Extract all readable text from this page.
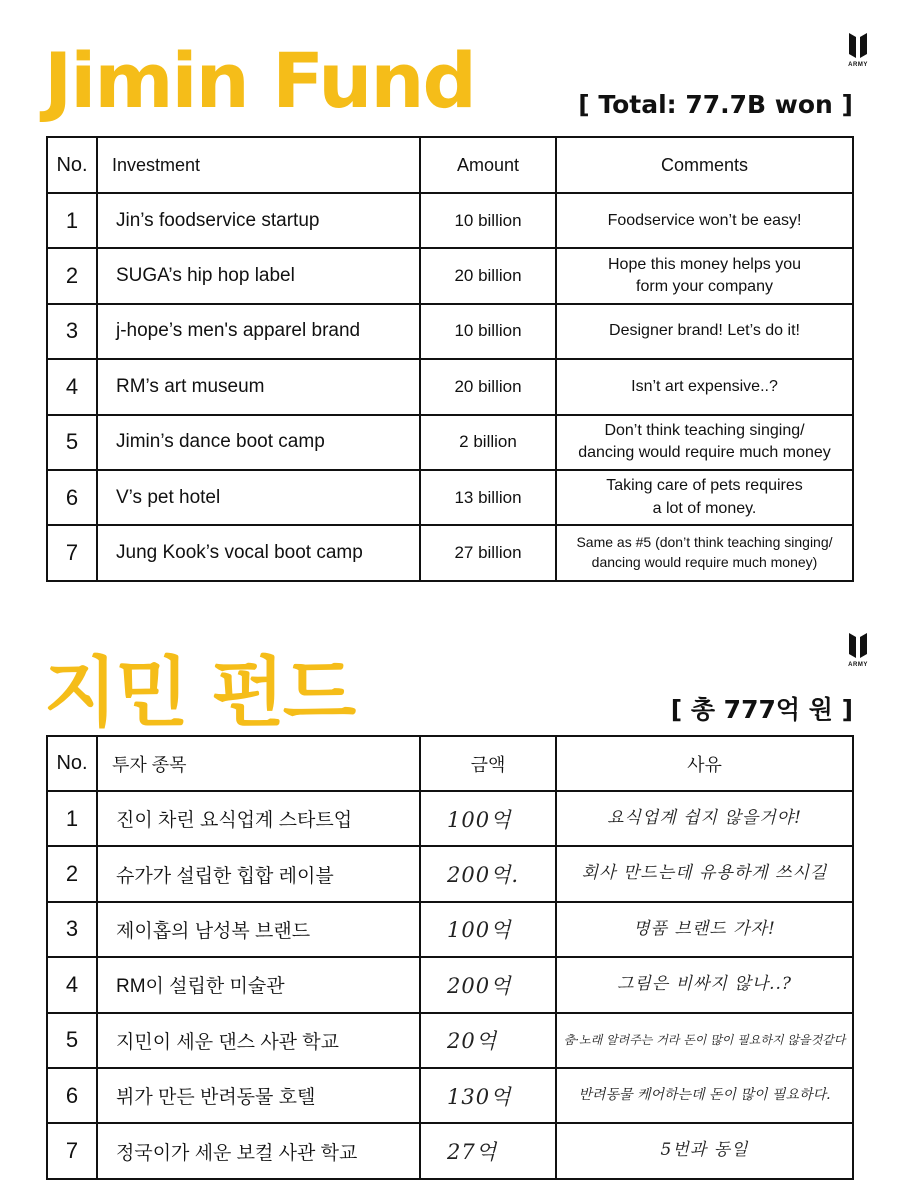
Jimin Fund	ARMY
[ Total: 77.7B won ]
No.	Investment	Amount	Comments
1	Jin’s foodservice startup	10 billion	Foodservice won’t be easy!

2	SUGA’s hip hop label	20 billion	Hope this money helps you
form your company

3	j-hope’s men's apparel brand	10 billion	Designer brand! Let’s do it!

4	RM’s art museum	20 billion	Isn’t art expensive..?

5	Jimin’s dance boot camp	2 billion	Don’t think teaching singing/
dancing would require much money

6	V’s pet hotel	13 billion	Taking care of pets requires
a lot of money.

7	Jung Kook’s vocal boot camp	27 billion	Same as #5 (don’t think teaching singing/
dancing would require much money)
지민 펀드	ARMY
[ 총 777억 원 ]
No.	투자 종목	금액	사유
1	진이 차린 요식업계 스타트업	100억	요식업계 쉽지 않을거야!
2	슈가가 설립한 힙합 레이블	200억.	회사 만드는데 유용하게 쓰시길
3	제이홉의 남성복 브랜드	100억	명품 브랜드 가자!
4	RM이 설립한 미술관	200억	그림은 비싸지 않나..?
5	지민이 세운 댄스 사관 학교	20억	춤·노래 알려주는 거라 돈이 많이 필요하지 않을것같다
6	뷔가 만든 반려동물 호텔	130억	반려동물 케어하는데 돈이 많이 필요하다.
7	정국이가 세운 보컬 사관 학교	27억	5번과 동일
